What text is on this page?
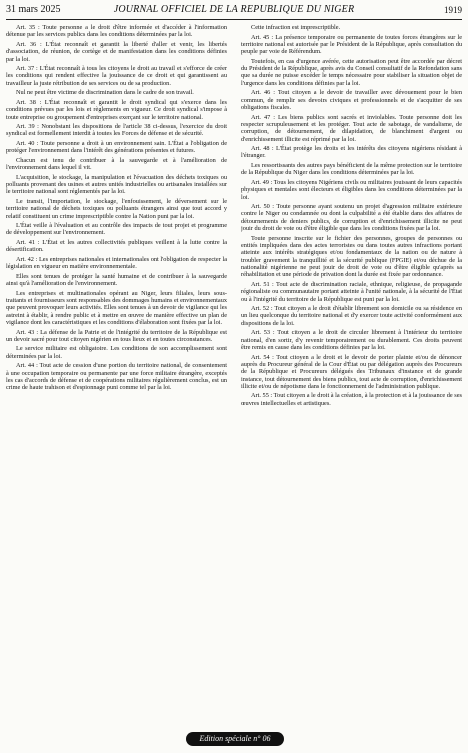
31 mars 2025	JOURNAL OFFICIEL DE LA REPUBLIQUE DU NIGER	1919

Art. 35 : Toute personne a le droit d'être informée et d'accéder à l'information détenue par les services publics dans les conditions déterminées par la loi.

Art. 36 : L'État reconnaît et garantit la liberté d'aller et venir, les libertés d'association, de réunion, de cortège et de manifestation dans les conditions définies par la loi.

Art. 37 : L'État reconnaît à tous les citoyens le droit au travail et s'efforce de créer les conditions qui rendent effective la jouissance de ce droit et qui garantissent au travailleur la juste rétribution de ses services ou de sa production.

Nul ne peut être victime de discrimination dans le cadre de son travail.

Art. 38 : L'État reconnaît et garantit le droit syndical qui s'exerce dans les conditions prévues par les lois et règlements en vigueur. Ce droit syndical s'impose à toute entreprise ou groupement d'entreprises exerçant sur le territoire national.

Art. 39 : Nonobstant les dispositions de l'article 38 ci-dessus, l'exercice du droit syndical est formellement interdit à toutes les Forces de défense et de sécurité.

Art. 40 : Toute personne a droit à un environnement sain. L'État a l'obligation de protéger l'environnement dans l'intérêt des générations présentes et futures.

Chacun est tenu de contribuer à la sauvegarde et à l'amélioration de l'environnement dans lequel il vit.

L'acquisition, le stockage, la manipulation et l'évacuation des déchets toxiques ou polluants provenant des usines et autres unités industrielles ou artisanales installées sur le territoire national sont réglementés par la loi.

Le transit, l'importation, le stockage, l'enfouissement, le déversement sur le territoire national de déchets toxiques ou polluants étrangers ainsi que tout accord y relatif constituent un crime imprescriptible contre la Nation puni par la loi.

L'État veille à l'évaluation et au contrôle des impacts de tout projet et programme de développement sur l'environnement.

Art. 41 : L'État et les autres collectivités publiques veillent à la lutte contre la désertification.

Art. 42 : Les entreprises nationales et internationales ont l'obligation de respecter la législation en vigueur en matière environnementale.

Elles sont tenues de protéger la santé humaine et de contribuer à la sauvegarde ainsi qu'à l'amélioration de l'environnement.

Les entreprises et multinationales opérant au Niger, leurs filiales, leurs sous-traitants et fournisseurs sont responsables des dommages humains et environnementaux que peuvent provoquer leurs activités. Elles sont tenues à un devoir de vigilance qui les astreint à établir, à rendre public et à mettre en œuvre de manière effective un plan de vigilance dont les caractéristiques et les conditions d'élaboration sont fixées par la loi.

Art. 43 : La défense de la Patrie et de l'intégrité du territoire de la République est un devoir sacré pour tout citoyen nigérien en tous lieux et en toutes circonstances.

Le service militaire est obligatoire. Les conditions de son accomplissement sont déterminées par la loi.

Art. 44 : Tout acte de cession d'une portion du territoire national, de consentement à une occupation temporaire ou permanente par une force militaire étrangère, exceptés les cas d'accords de défense et de coopérations militaires régulièrement conclus, est un crime de haute trahison et d'espionnage puni comme tel par la loi.

Cette infraction est imprescriptible.

Art. 45 : La présence temporaire ou permanente de toutes forces étrangères sur le territoire national est autorisée par le Président de la République, après consultation du peuple par voie de Référendum.

Toutefois, en cas d'urgence avérée, cette autorisation peut être accordée par décret du Président de la République, après avis du Conseil consultatif de la Refondation sans que sa durée ne puisse excéder le temps nécessaire pour stabiliser la situation objet de l'urgence dans les conditions définies par la loi.

Art. 46 : Tout citoyen a le devoir de travailler avec dévouement pour le bien commun, de remplir ses devoirs civiques et professionnels et de s'acquitter de ses obligations fiscales.

Art. 47 : Les biens publics sont sacrés et inviolables. Toute personne doit les respecter scrupuleusement et les protéger. Tout acte de sabotage, de vandalisme, de corruption, de détournement, de dilapidation, de blanchiment d'argent ou d'enrichissement illicite est réprimé par la loi.

Art. 48 : L'État protège les droits et les intérêts des citoyens nigériens résidant à l'étranger.

Les ressortissants des autres pays bénéficient de la même protection sur le territoire de la République du Niger dans les conditions déterminées par la loi.

Art. 49 : Tous les citoyens Nigériens civils ou militaires jouissant de leurs capacités physiques et mentales sont électeurs et éligibles dans les conditions déterminées par la loi.

Art. 50 : Toute personne ayant soutenu un projet d'agression militaire extérieure contre le Niger ou condamnée ou dont la culpabilité a été établie dans des affaires de détournements de deniers publics, de corruption et d'enrichissement illicite ne peut jouir du droit de vote ou d'être éligible que dans les conditions fixées par la loi.

Toute personne inscrite sur le fichier des personnes, groupes de personnes ou entités impliquées dans des actes terroristes ou dans toutes autres infractions portant atteinte aux intérêts stratégiques et/ou fondamentaux de la nation ou de nature à troubler gravement la tranquillité et la sécurité publique (FPGIE) et/ou déchue de la nationalité nigérienne ne peut jouir de droit de vote ou d'être éligible qu'après sa réhabilitation et une période de privation dont la durée est fixée par ordonnance.

Art. 51 : Tout acte de discrimination raciale, ethnique, religieuse, de propagande régionaliste ou communautaire portant atteinte à l'unité nationale, à la sécurité de l'État ou à l'intégrité du territoire de la République est puni par la loi.

Art. 52 : Tout citoyen a le droit d'établir librement son domicile ou sa résidence en un lieu quelconque du territoire national et d'y exercer toute activité conformément aux dispositions de la loi.

Art. 53 : Tout citoyen a le droit de circuler librement à l'intérieur du territoire national, d'en sortir, d'y revenir temporairement ou durablement. Ces droits peuvent être remis en cause dans les conditions définies par la loi.

Art. 54 : Tout citoyen a le droit et le devoir de porter plainte et/ou de dénoncer auprès du Procureur général de la Cour d'État ou par délégation auprès des Procureurs de la République et Procureurs délégués des Tribunaux d'instance et de grande instance, tout détournement des biens publics, tout acte de corruption, d'enrichissement illicite et/ou de népotisme dans le fonctionnement de l'administration publique.

Art. 55 : Tout citoyen a le droit à la création, à la protection et à la jouissance de ses œuvres intellectuelles et artistiques.

Edition spéciale n° 06
